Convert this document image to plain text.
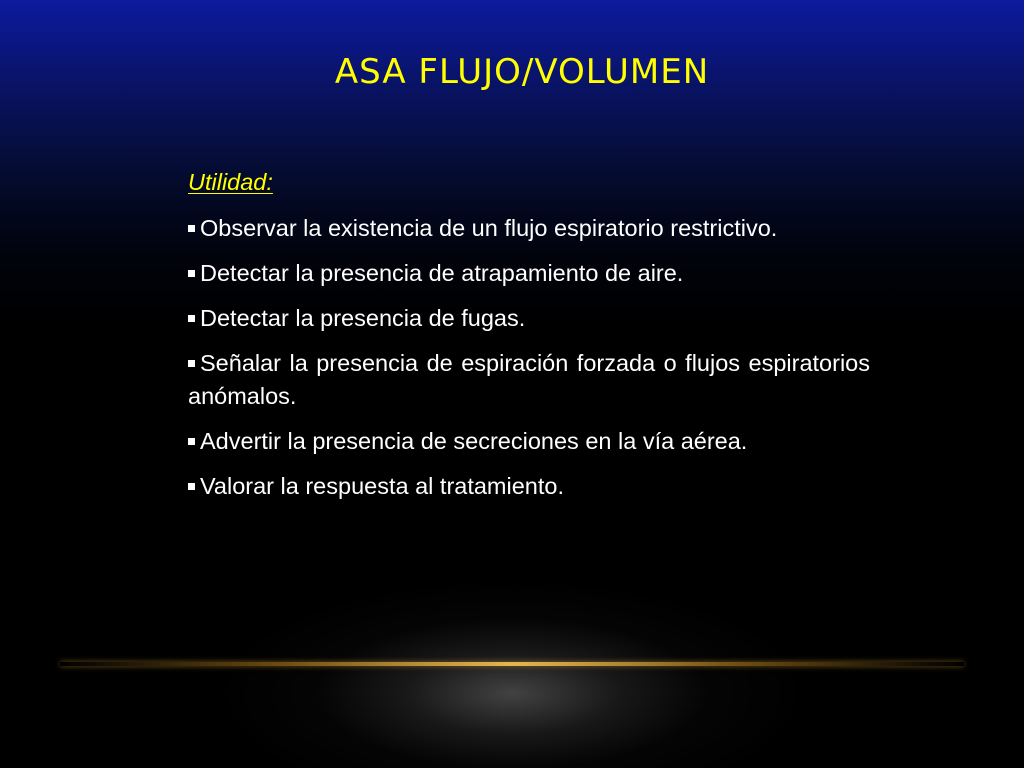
ASA FLUJO/VOLUMEN
Utilidad:
Observar la existencia de un flujo espiratorio restrictivo.
Detectar la presencia de atrapamiento de aire.
Detectar la presencia de fugas.
Señalar la presencia de espiración forzada o flujos espiratorios anómalos.
Advertir la presencia de secreciones en la vía aérea.
Valorar la respuesta al tratamiento.
